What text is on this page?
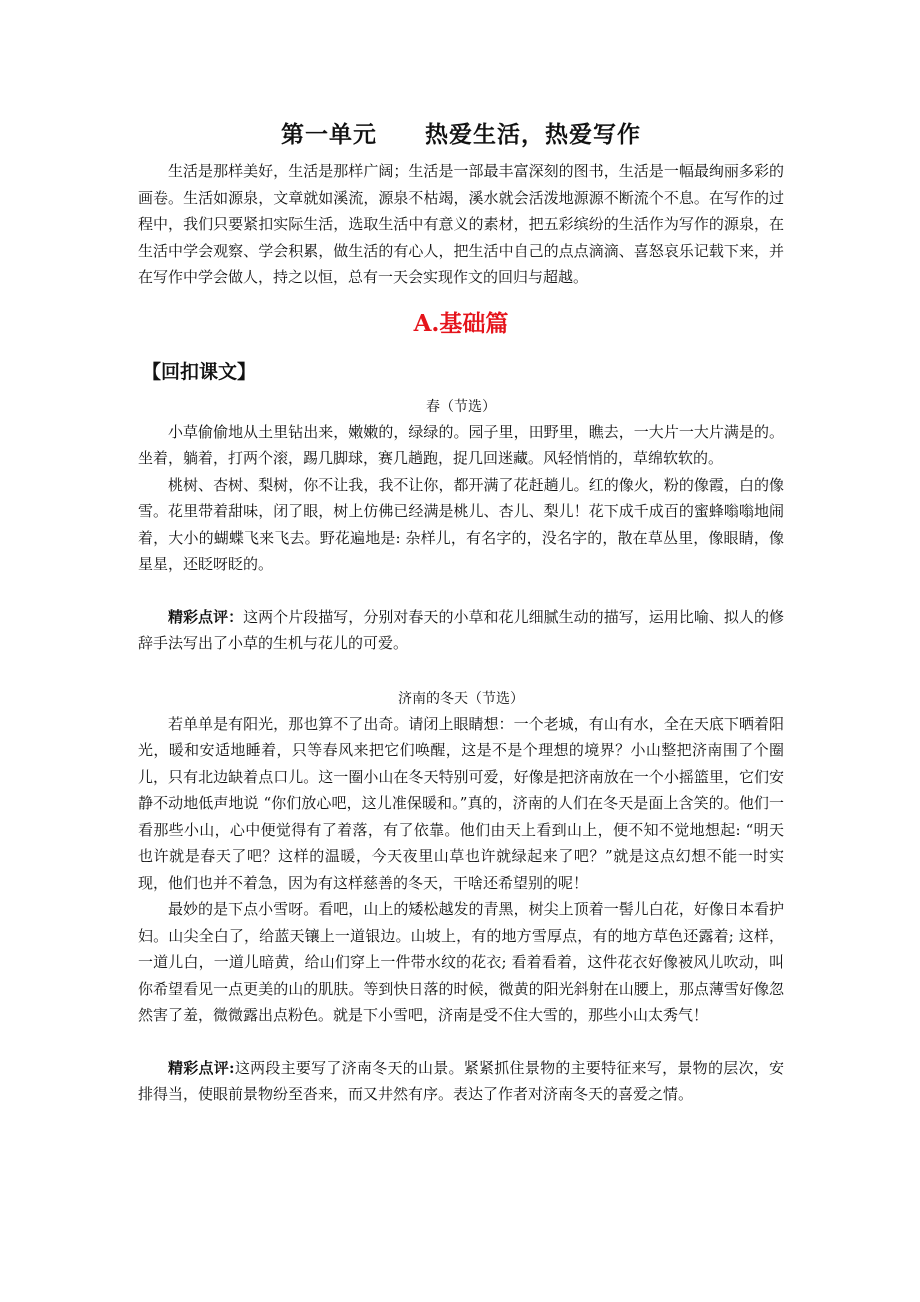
第一单元　　热爱生活，热爱写作

生活是那样美好，生活是那样广阔；生活是一部最丰富深刻的图书，生活是一幅最绚丽多彩的画卷。生活如源泉，文章就如溪流，源泉不枯竭，溪水就会活泼地源源不断流个不息。在写作的过程中，我们只要紧扣实际生活，选取生活中有意义的素材，把五彩缤纷的生活作为写作的源泉，在生活中学会观察、学会积累，做生活的有心人，把生活中自己的点点滴滴、喜怒哀乐记载下来，并在写作中学会做人，持之以恒，总有一天会实现作文的回归与超越。

A.基础篇
【回扣课文】
春（节选）

小草偷偷地从土里钻出来，嫩嫩的，绿绿的。园子里，田野里，瞧去，一大片一大片满是的。坐着，躺着，打两个滚，踢几脚球，赛几趟跑，捉几回迷藏。风轻悄悄的，草绵软软的。

桃树、杏树、梨树，你不让我，我不让你，都开满了花赶趟儿。红的像火，粉的像霞，白的像雪。花里带着甜味，闭了眼，树上仿佛已经满是桃儿、杏儿、梨儿！花下成千成百的蜜蜂嗡嗡地闹着，大小的蝴蝶飞来飞去。野花遍地是: 杂样儿，有名字的，没名字的，散在草丛里，像眼睛，像星星，还眨呀眨的。

精彩点评：这两个片段描写，分别对春天的小草和花儿细腻生动的描写，运用比喻、拟人的修辞手法写出了小草的生机与花儿的可爱。

济南的冬天（节选）

若单单是有阳光，那也算不了出奇。请闭上眼睛想：一个老城，有山有水，全在天底下晒着阳光，暖和安适地睡着，只等春风来把它们唤醒，这是不是个理想的境界？小山整把济南围了个圈儿，只有北边缺着点口儿。这一圈小山在冬天特别可爱，好像是把济南放在一个小摇篮里，它们安静不动地低声地说 “你们放心吧，这儿准保暖和。”真的，济南的人们在冬天是面上含笑的。他们一看那些小山，心中便觉得有了着落，有了依靠。他们由天上看到山上，便不知不觉地想起: “明天也许就是春天了吧？这样的温暖，今天夜里山草也许就绿起来了吧？”就是这点幻想不能一时实现，他们也并不着急，因为有这样慈善的冬天，干啥还希望别的呢！

最妙的是下点小雪呀。看吧，山上的矮松越发的青黑，树尖上顶着一髻儿白花，好像日本看护妇。山尖全白了，给蓝天镶上一道银边。山坡上，有的地方雪厚点，有的地方草色还露着; 这样，一道儿白，一道儿暗黄，给山们穿上一件带水纹的花衣; 看着看着，这件花衣好像被风儿吹动，叫你希望看见一点更美的山的肌肤。等到快日落的时候，微黄的阳光斜射在山腰上，那点薄雪好像忽然害了羞，微微露出点粉色。就是下小雪吧，济南是受不住大雪的，那些小山太秀气！

精彩点评:这两段主要写了济南冬天的山景。紧紧抓住景物的主要特征来写，景物的层次，安排得当，使眼前景物纷至沓来，而又井然有序。表达了作者对济南冬天的喜爱之情。
